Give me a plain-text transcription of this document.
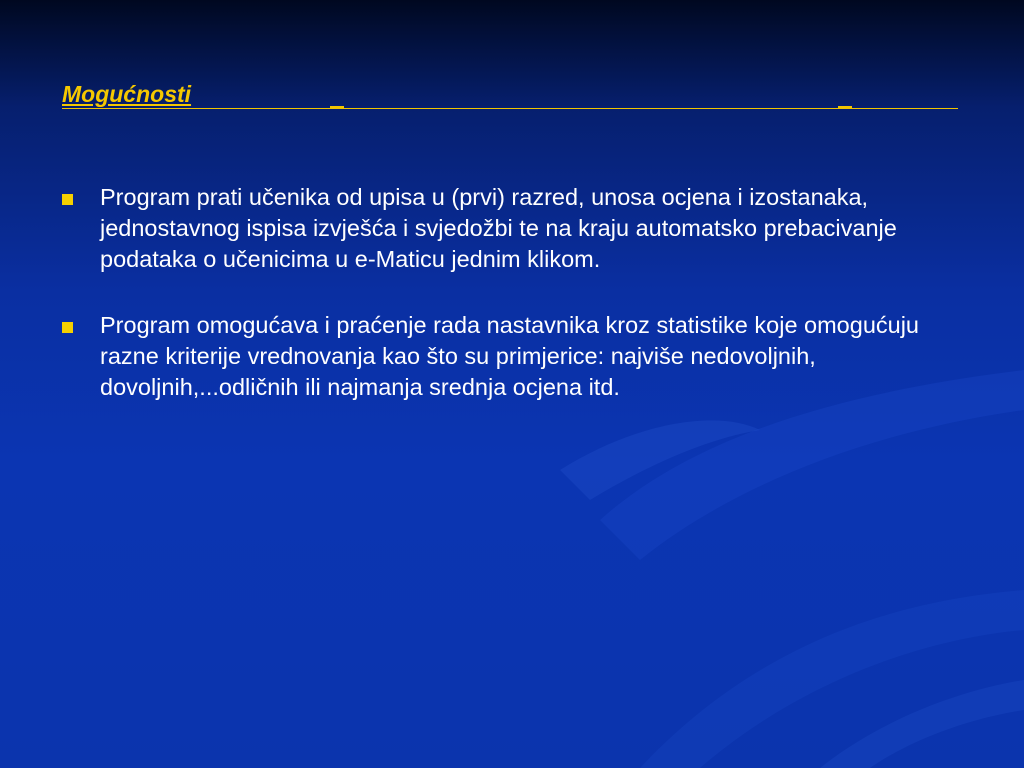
Mogućnosti
Program prati učenika od upisa u (prvi) razred, unosa ocjena i izostanaka, jednostavnog ispisa izvješća i svjedožbi te na kraju automatsko prebacivanje podataka o učenicima u e-Maticu jednim klikom.
Program omogućava i praćenje rada nastavnika kroz statistike koje omogućuju razne kriterije vrednovanja kao što su primjerice: najviše nedovoljnih, dovoljnih,...odličnih ili najmanja srednja ocjena itd.
